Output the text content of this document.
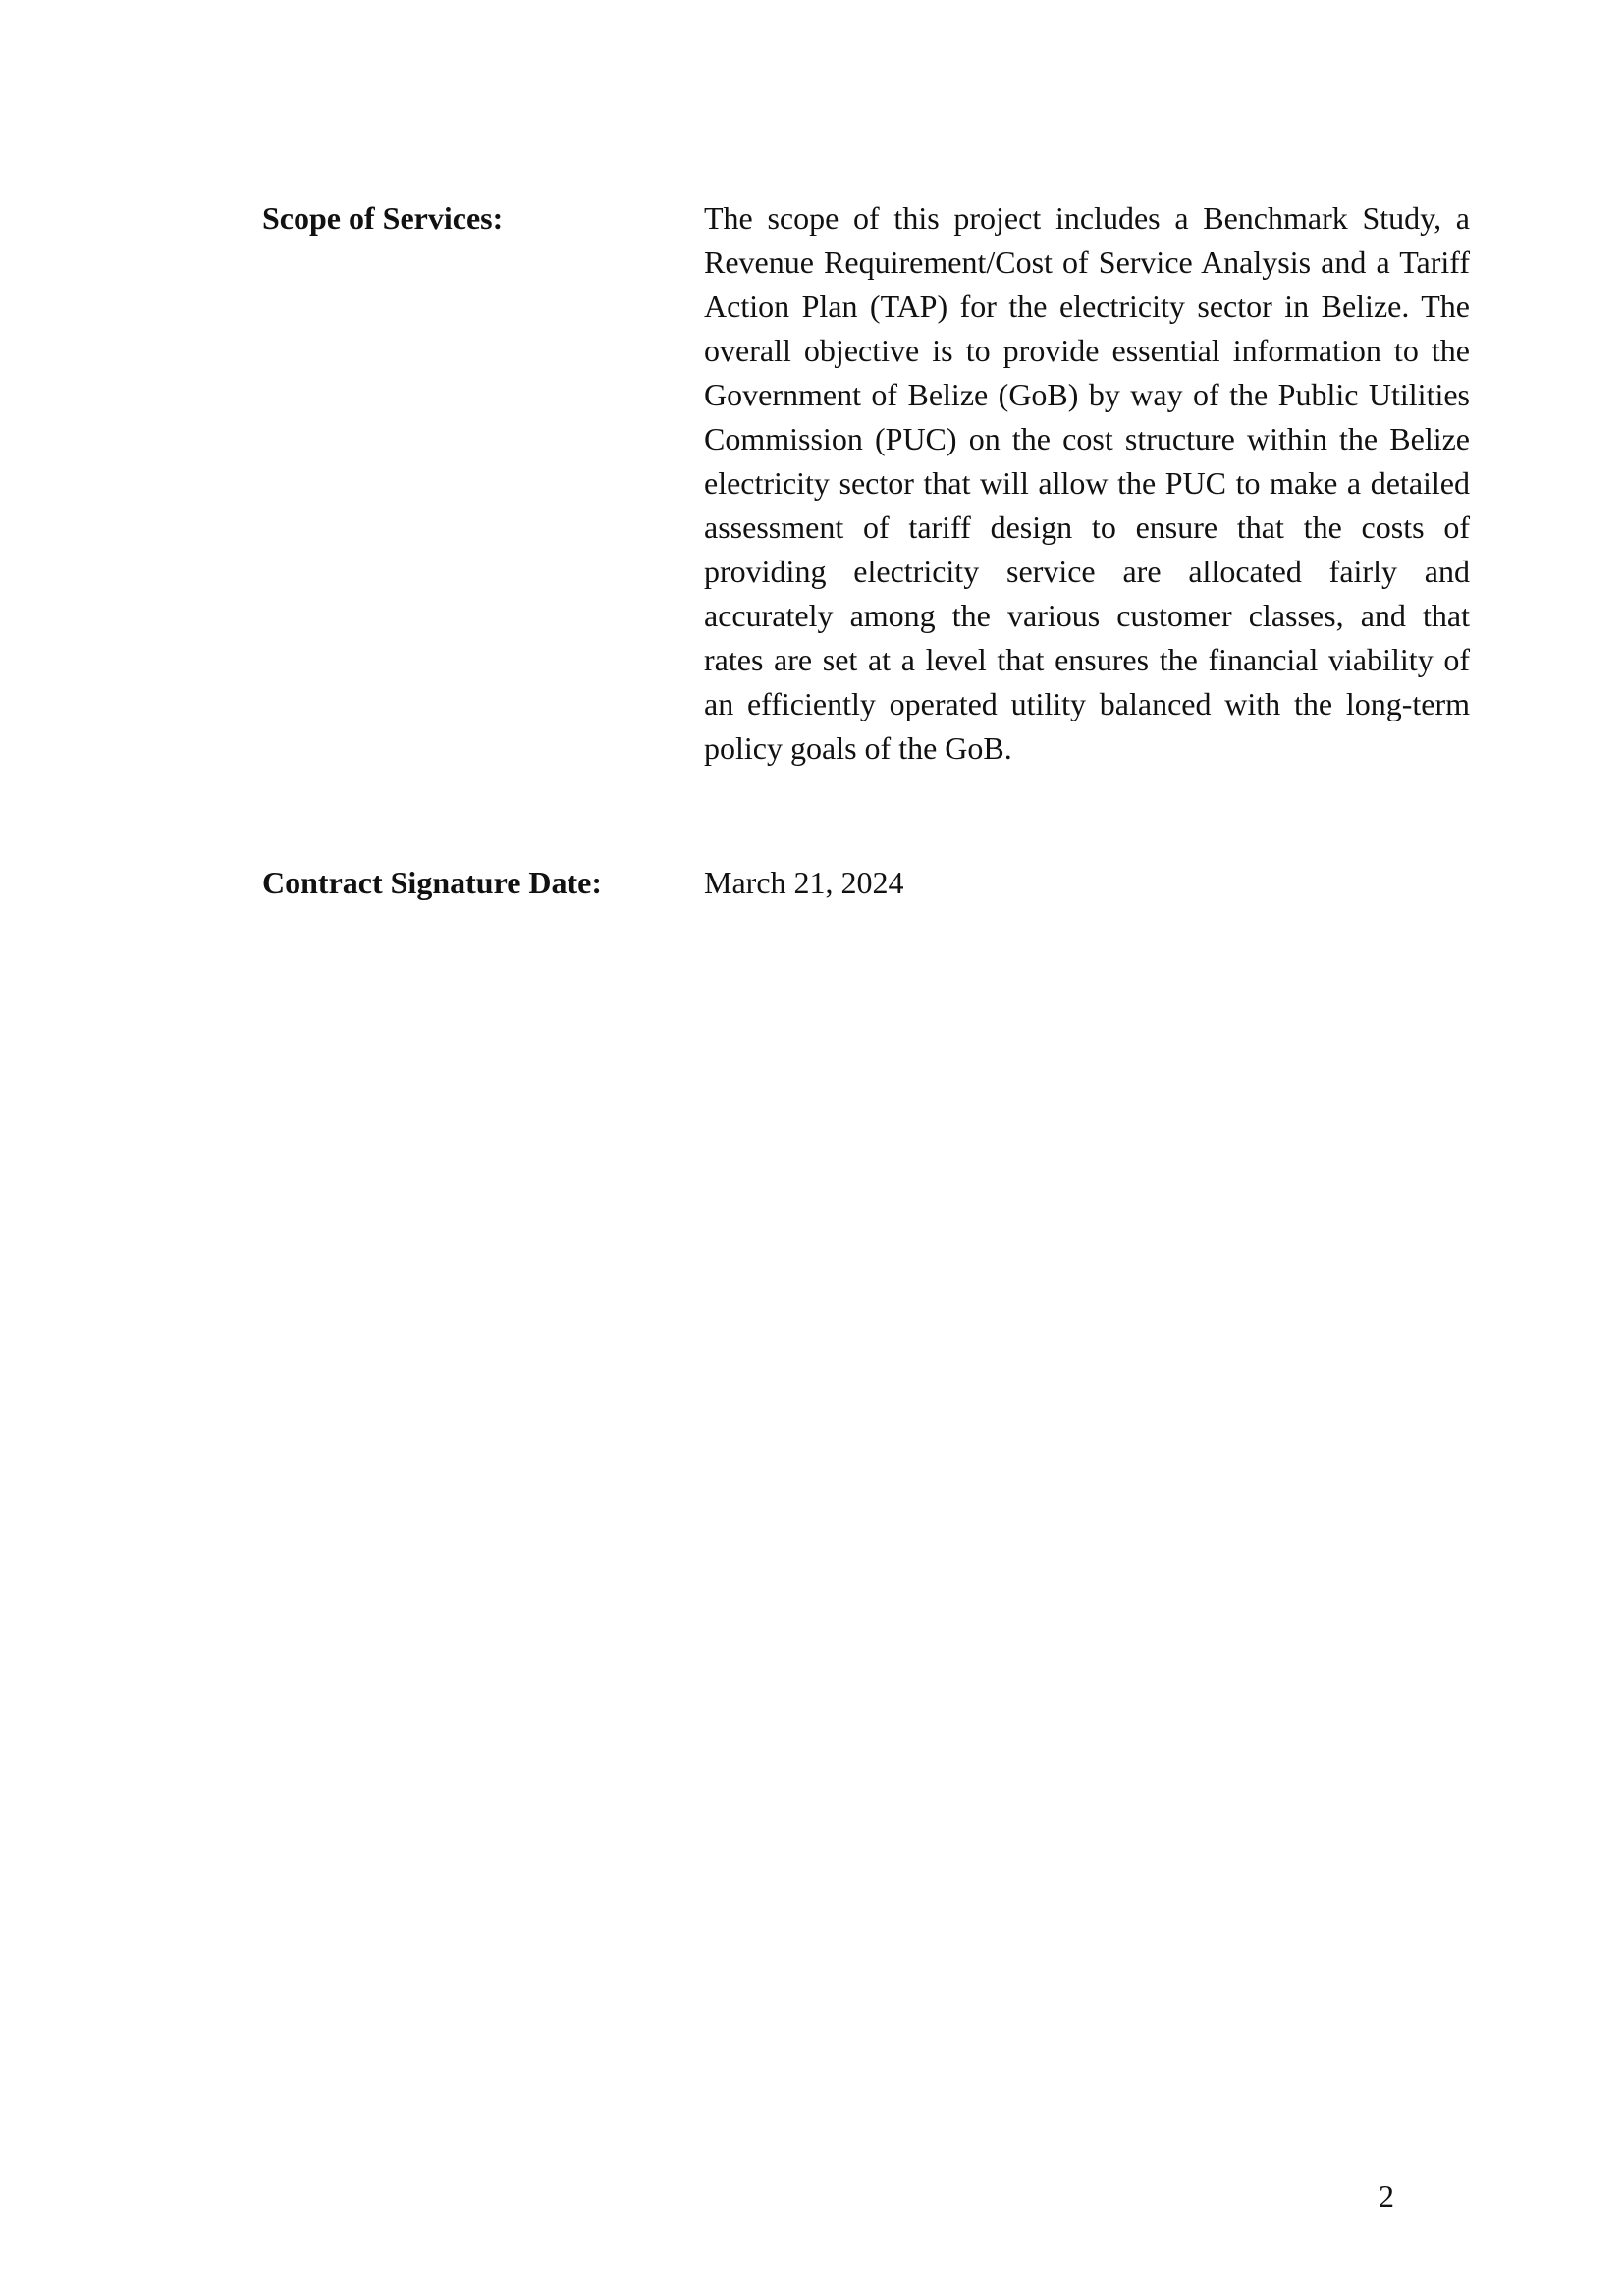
Scope of Services:	The scope of this project includes a Benchmark Study, a Revenue Requirement/Cost of Service Analysis and a Tariff Action Plan (TAP) for the electricity sector in Belize. The overall objective is to provide essential information to the Government of Belize (GoB) by way of the Public Utilities Commission (PUC) on the cost structure within the Belize electricity sector that will allow the PUC to make a detailed assessment of tariff design to ensure that the costs of providing electricity service are allocated fairly and accurately among the various customer classes, and that rates are set at a level that ensures the financial viability of an efficiently operated utility balanced with the long-term policy goals of the GoB.

Contract Signature Date:	March 21, 2024

2
